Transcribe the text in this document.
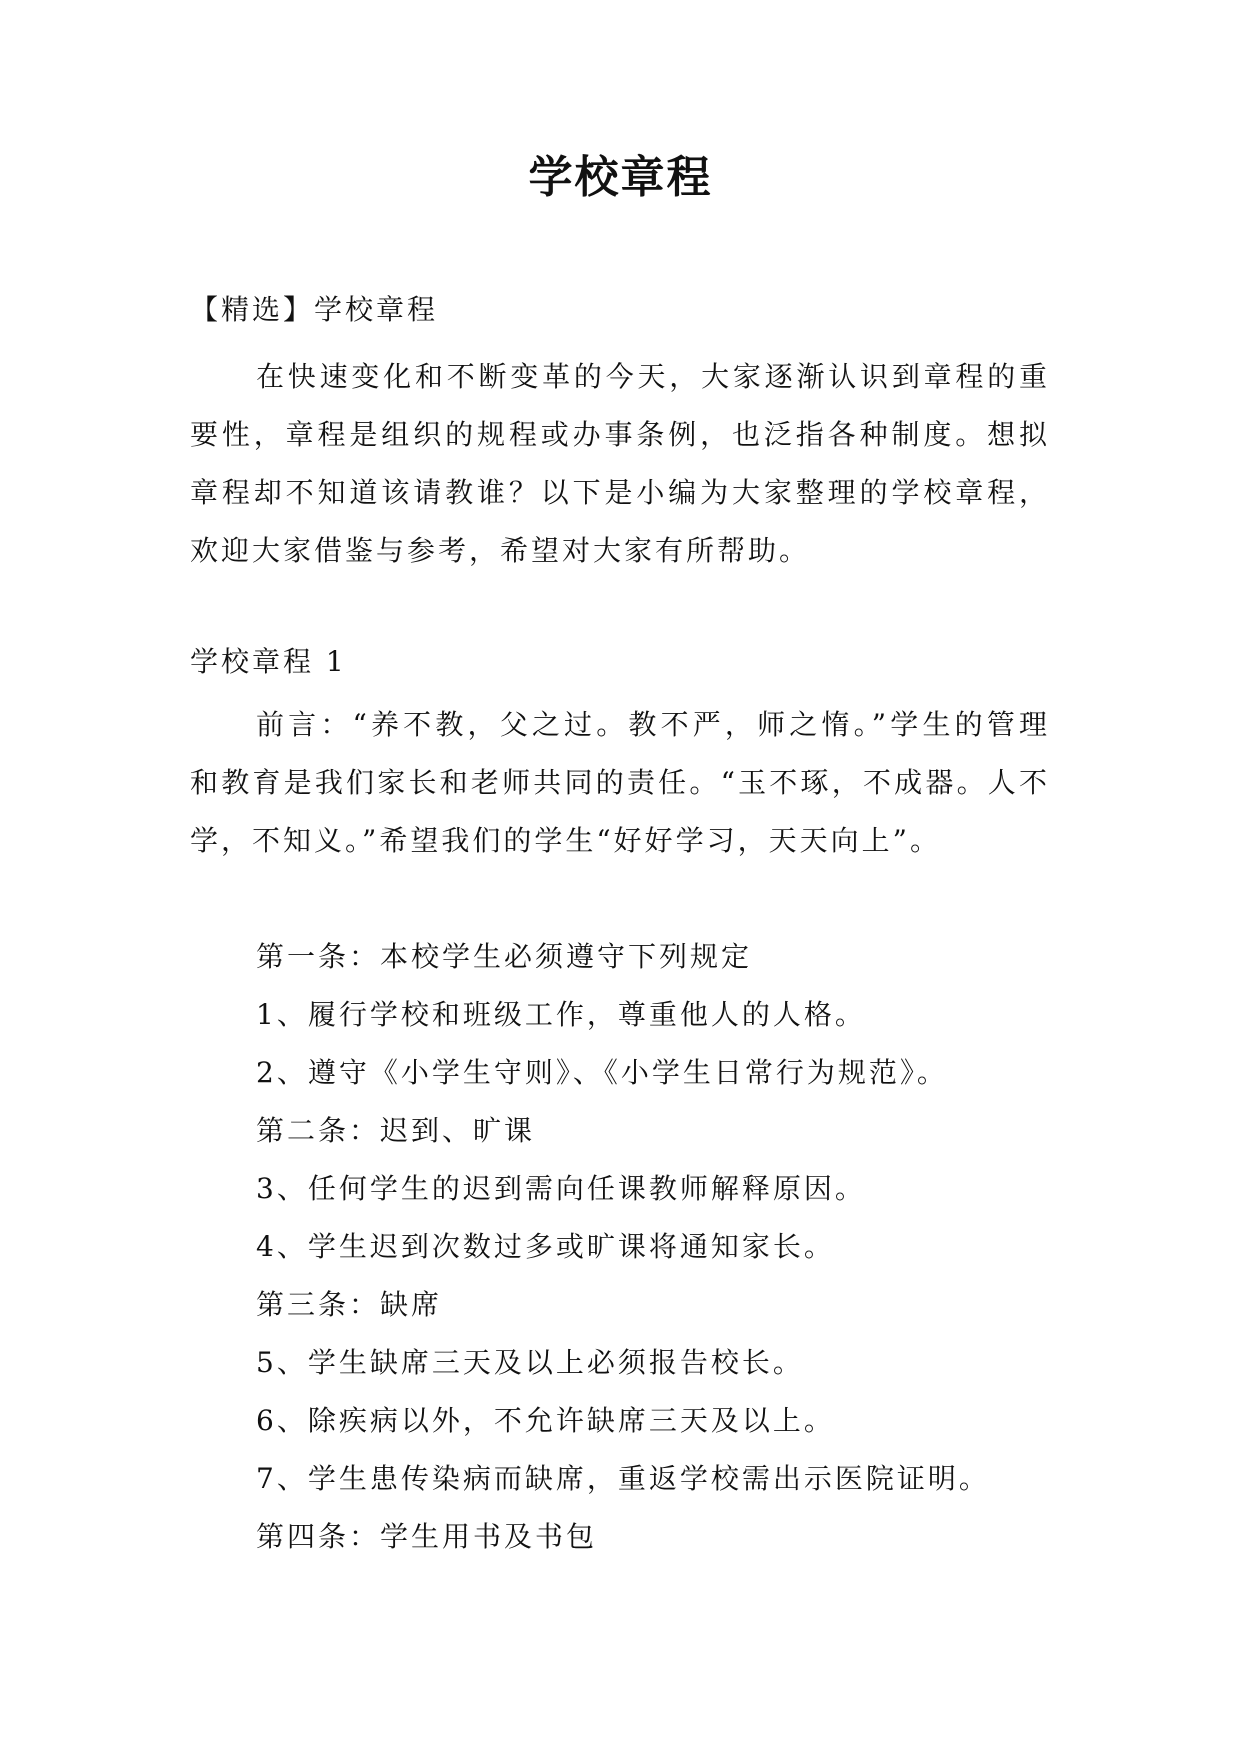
学校章程
【精选】学校章程

在快速变化和不断变革的今天，大家逐渐认识到章程的重要性，章程是组织的规程或办事条例，也泛指各种制度。想拟章程却不知道该请教谁？以下是小编为大家整理的学校章程，欢迎大家借鉴与参考，希望对大家有所帮助。

学校章程 1

前言：“养不教，父之过。教不严，师之惰。”学生的管理和教育是我们家长和老师共同的责任。“玉不琢，不成器。人不学，不知义。”希望我们的学生“好好学习，天天向上”。

第一条：本校学生必须遵守下列规定
1、履行学校和班级工作，尊重他人的人格。
2、遵守《小学生守则》、《小学生日常行为规范》。
第二条：迟到、旷课
3、任何学生的迟到需向任课教师解释原因。
4、学生迟到次数过多或旷课将通知家长。
第三条：缺席
5、学生缺席三天及以上必须报告校长。
6、除疾病以外，不允许缺席三天及以上。
7、学生患传染病而缺席，重返学校需出示医院证明。
第四条：学生用书及书包
